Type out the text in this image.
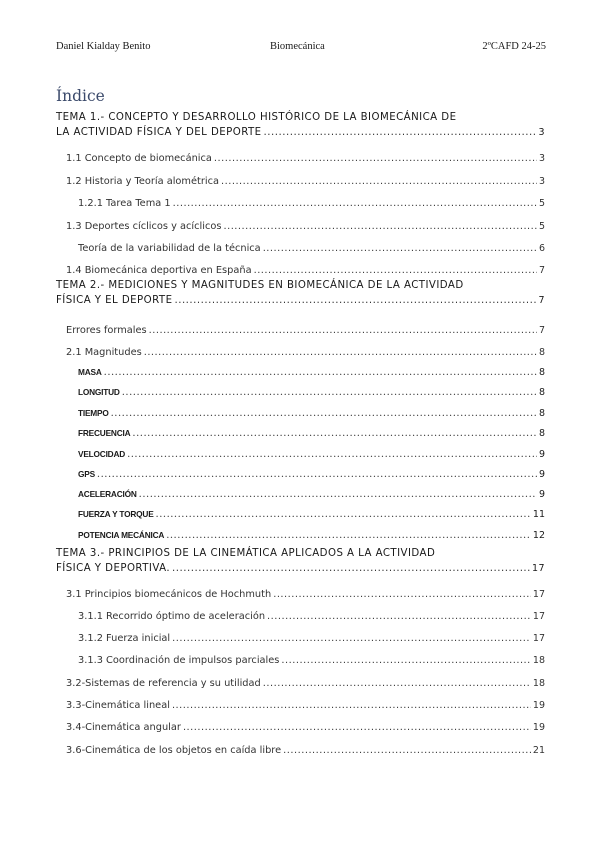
Daniel Kialday Benito	Biomecánica	2ºCAFD 24-25
Índice
TEMA 1.- CONCEPTO Y DESARROLLO HISTÓRICO DE LA BIOMECÁNICA DE
LA ACTIVIDAD FÍSICA Y DEL DEPORTE .....	3
1.1 Concepto de biomecánica .....	3
1.2 Historia y Teoría alométrica .....	3
1.2.1 Tarea Tema 1 .....	5
1.3 Deportes cíclicos y acíclicos .....	5
Teoría de la variabilidad de la técnica .....	6
1.4 Biomecánica deportiva en España .....	7
TEMA 2.- MEDICIONES Y MAGNITUDES EN BIOMECÁNICA DE LA ACTIVIDAD
FÍSICA Y EL DEPORTE .....	7
Errores formales .....	7
2.1 Magnitudes .....	8
MASA .....	8
LONGITUD .....	8
TIEMPO .....	8
FRECUENCIA .....	8
VELOCIDAD .....	9
GPS .....	9
ACELERACIÓN .....	9
FUERZA Y TORQUE .....	11
POTENCIA MECÁNICA .....	12
TEMA 3.- PRINCIPIOS DE LA CINEMÁTICA APLICADOS A LA ACTIVIDAD
FÍSICA Y DEPORTIVA. .....	17
3.1 Principios biomecánicos de Hochmuth .....	17
3.1.1 Recorrido óptimo de aceleración .....	17
3.1.2 Fuerza inicial .....	17
3.1.3 Coordinación de impulsos parciales .....	18
3.2-Sistemas de referencia y su utilidad .....	18
3.3-Cinemática lineal .....	19
3.4-Cinemática angular .....	19
3.6-Cinemática de los objetos en caída libre .....	21
